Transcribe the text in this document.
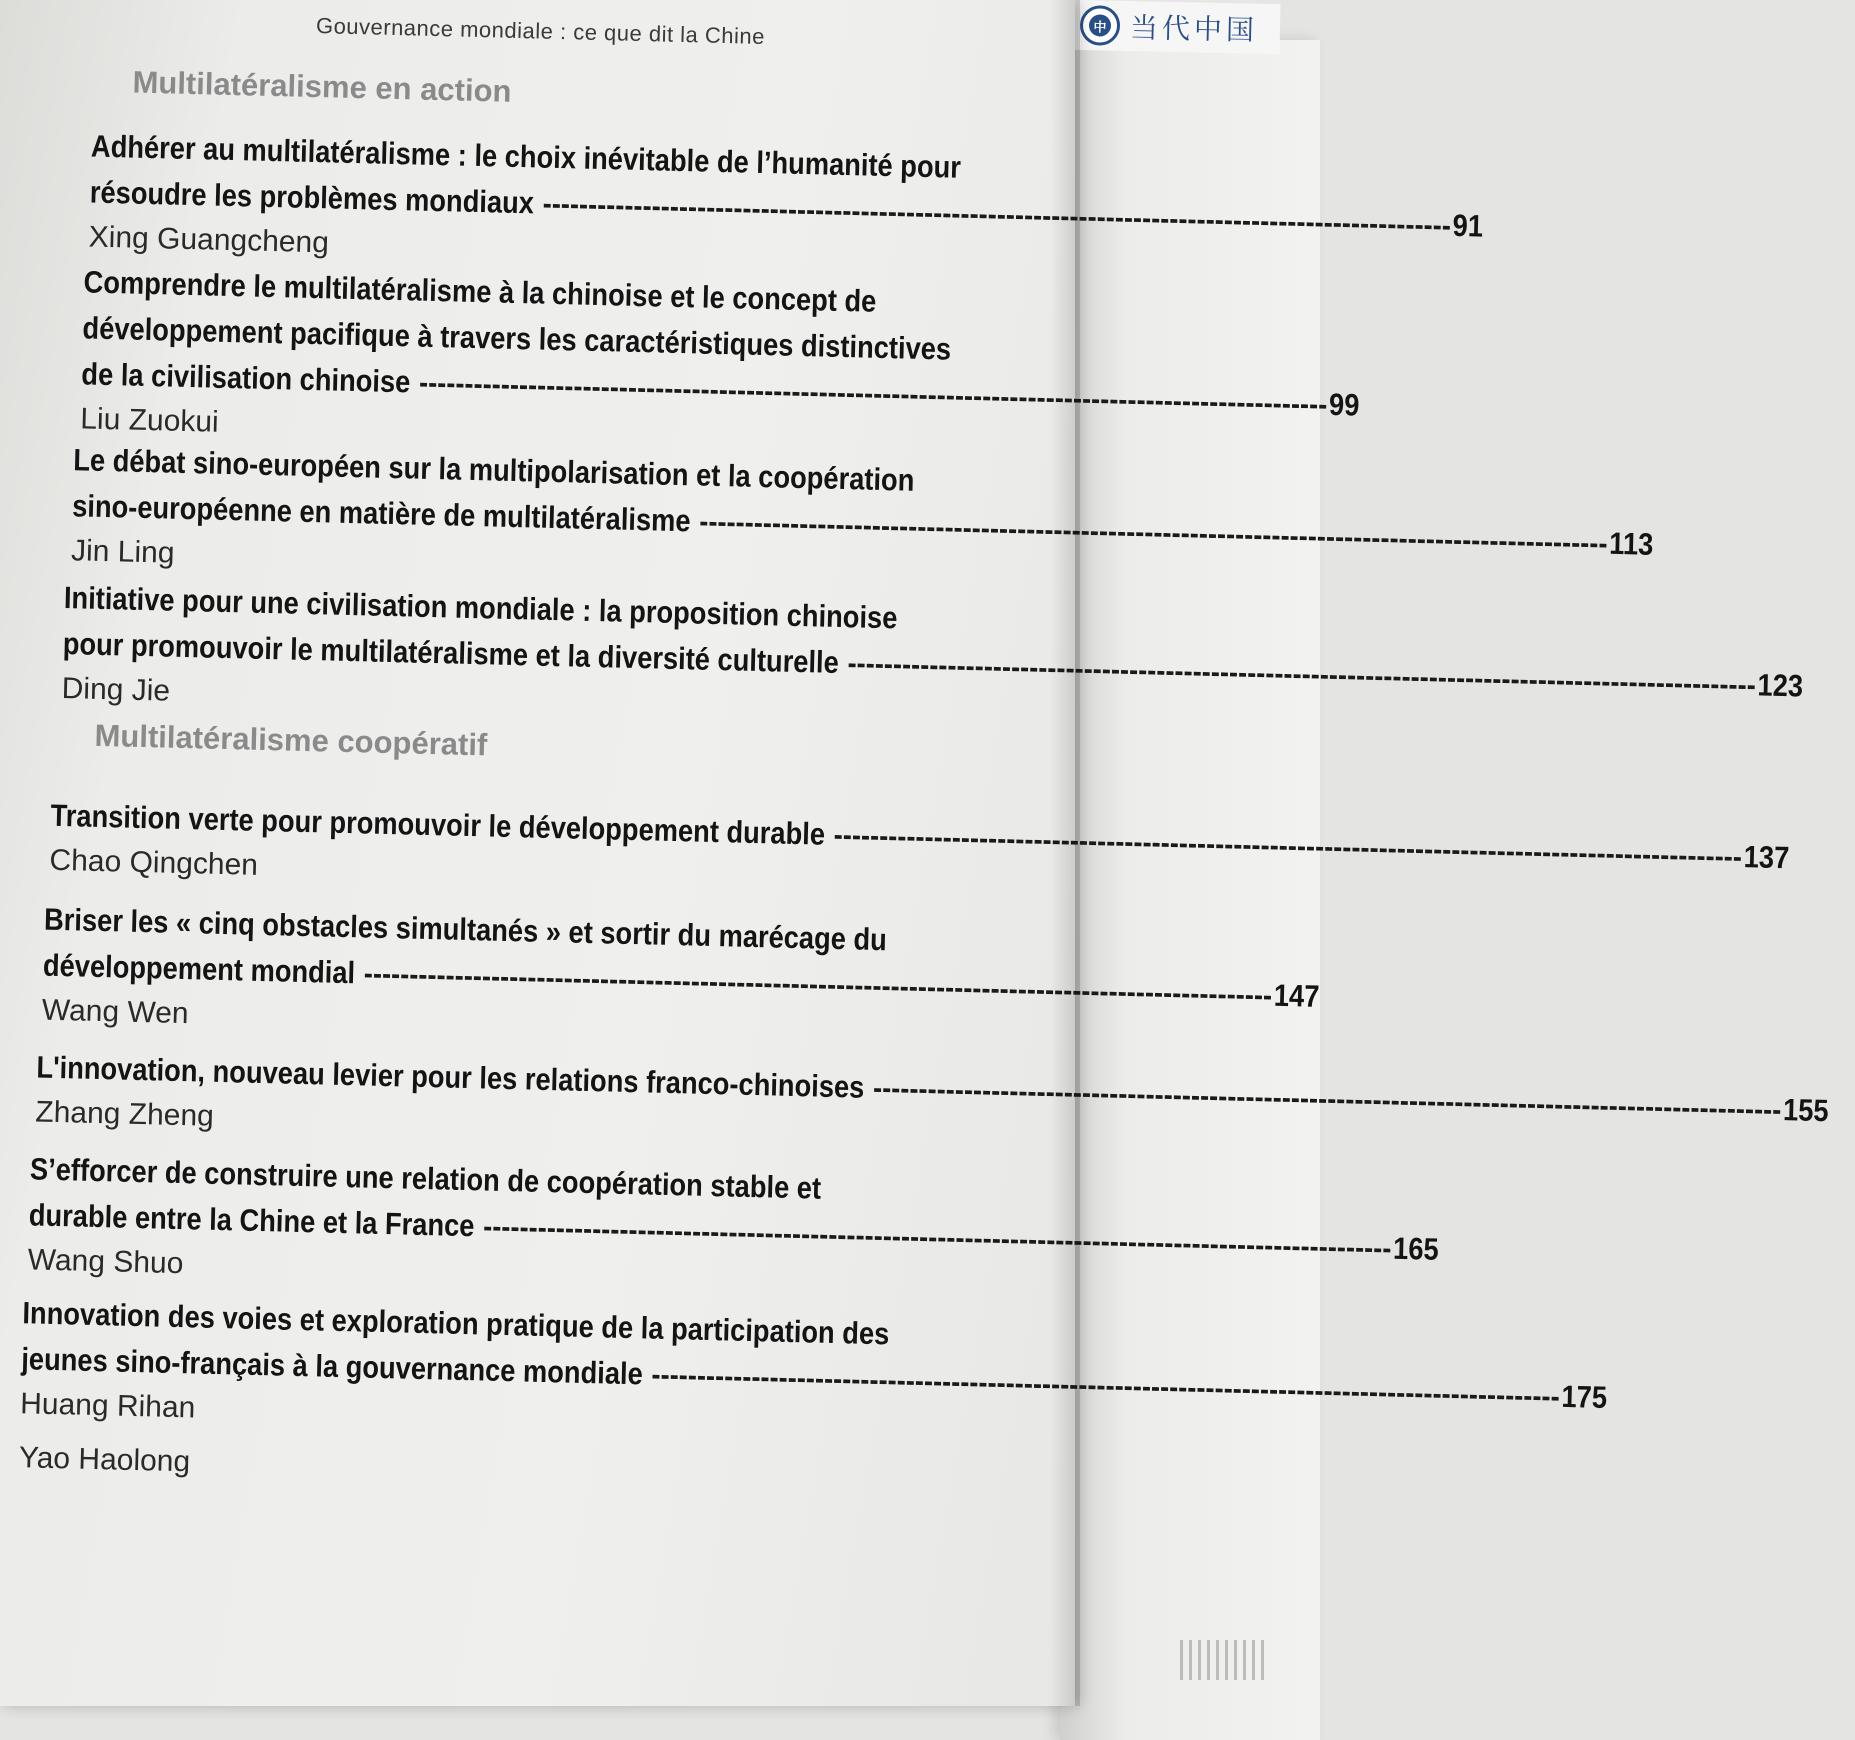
中 当代中国
Gouvernance mondiale : ce que dit la Chine
Multilatéralisme en action
Adhérer au multilatéralisme : le choix inévitable de l’humanité pour
résoudre les problèmes mondiaux
-----
91
Xing Guangcheng
Comprendre le multilatéralisme à la chinoise et le concept de
développement pacifique à travers les caractéristiques distinctives
de la civilisation chinoise
-----
99
Liu Zuokui
Le débat sino-européen sur la multipolarisation et la coopération
sino-européenne en matière de multilatéralisme
-----
113
Jin Ling
Initiative pour une civilisation mondiale : la proposition chinoise
pour promouvoir le multilatéralisme et la diversité culturelle
-----
123
Ding Jie
Multilatéralisme coopératif
Transition verte pour promouvoir le développement durable
-----
137
Chao Qingchen
Briser les « cinq obstacles simultanés » et sortir du marécage du
développement mondial
-----
147
Wang Wen
L'innovation, nouveau levier pour les relations franco-chinoises
-----
155
Zhang Zheng
S’efforcer de construire une relation de coopération stable et
durable entre la Chine et la France
-----
165
Wang Shuo
Innovation des voies et exploration pratique de la participation des
jeunes sino-français à la gouvernance mondiale
-----
175
Huang Rihan
Yao Haolong
